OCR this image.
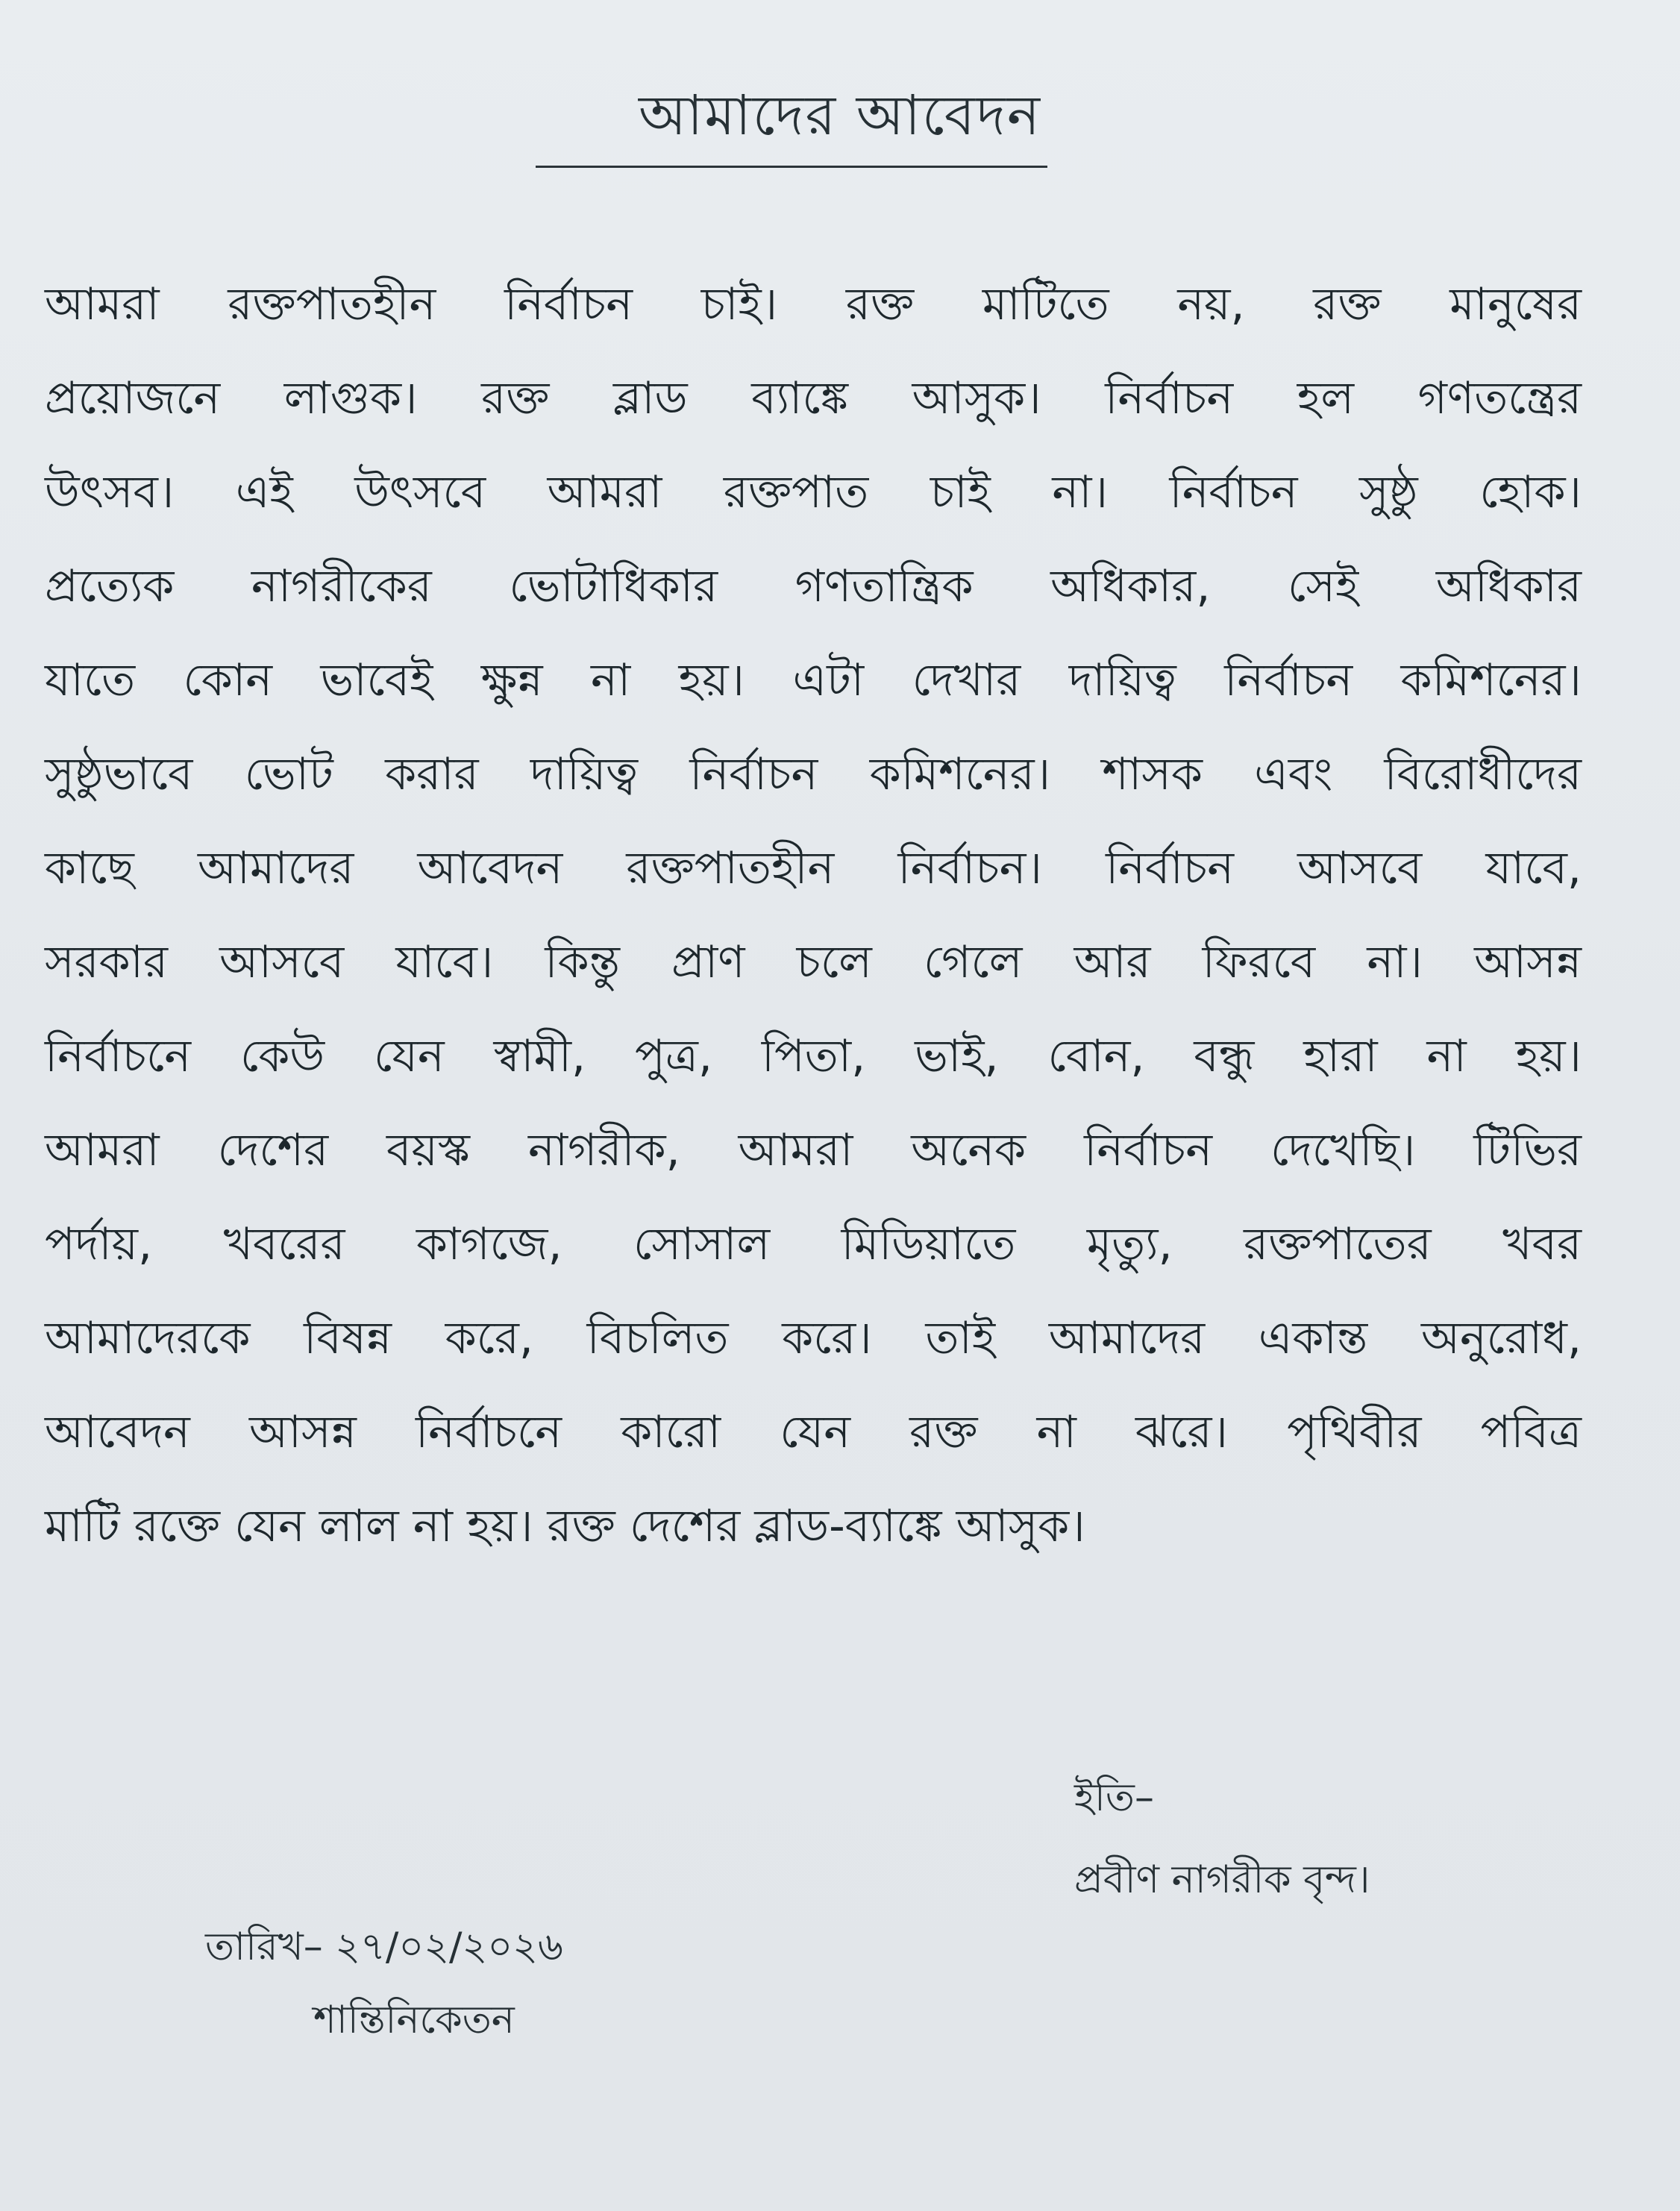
আমাদের আবেদন
আমরা রক্তপাতহীন নির্বাচন চাই। রক্ত মাটিতে নয়, রক্ত মানুষের
প্রয়োজনে লাগুক। রক্ত ব্লাড ব্যাঙ্কে আসুক। নির্বাচন হল গণতন্ত্রের
উৎসব। এই উৎসবে আমরা রক্তপাত চাই না। নির্বাচন সুষ্ঠু হোক।
প্রত্যেক নাগরীকের ভোটাধিকার গণতান্ত্রিক অধিকার, সেই অধিকার
যাতে কোন ভাবেই ক্ষুন্ন না হয়। এটা দেখার দায়িত্ব নির্বাচন কমিশনের।
সুষ্ঠুভাবে ভোট করার দায়িত্ব নির্বাচন কমিশনের। শাসক এবং বিরোধীদের
কাছে আমাদের আবেদন রক্তপাতহীন নির্বাচন। নির্বাচন আসবে যাবে,
সরকার আসবে যাবে। কিন্তু প্রাণ চলে গেলে আর ফিরবে না। আসন্ন
নির্বাচনে কেউ যেন স্বামী, পুত্র, পিতা, ভাই, বোন, বন্ধু হারা না হয়।
আমরা দেশের বয়স্ক নাগরীক, আমরা অনেক নির্বাচন দেখেছি। টিভির
পর্দায়, খবরের কাগজে, সোসাল মিডিয়াতে মৃত্যু, রক্তপাতের খবর
আমাদেরকে বিষন্ন করে, বিচলিত করে। তাই আমাদের একান্ত অনুরোধ,
আবেদন আসন্ন নির্বাচনে কারো যেন রক্ত না ঝরে। পৃথিবীর পবিত্র
মাটি রক্তে যেন লাল না হয়। রক্ত দেশের ব্লাড-ব্যাঙ্কে আসুক।
ইতি–
প্রবীণ নাগরীক বৃন্দ।
তারিখ– ২৭/০২/২০২৬
শান্তিনিকেতন
